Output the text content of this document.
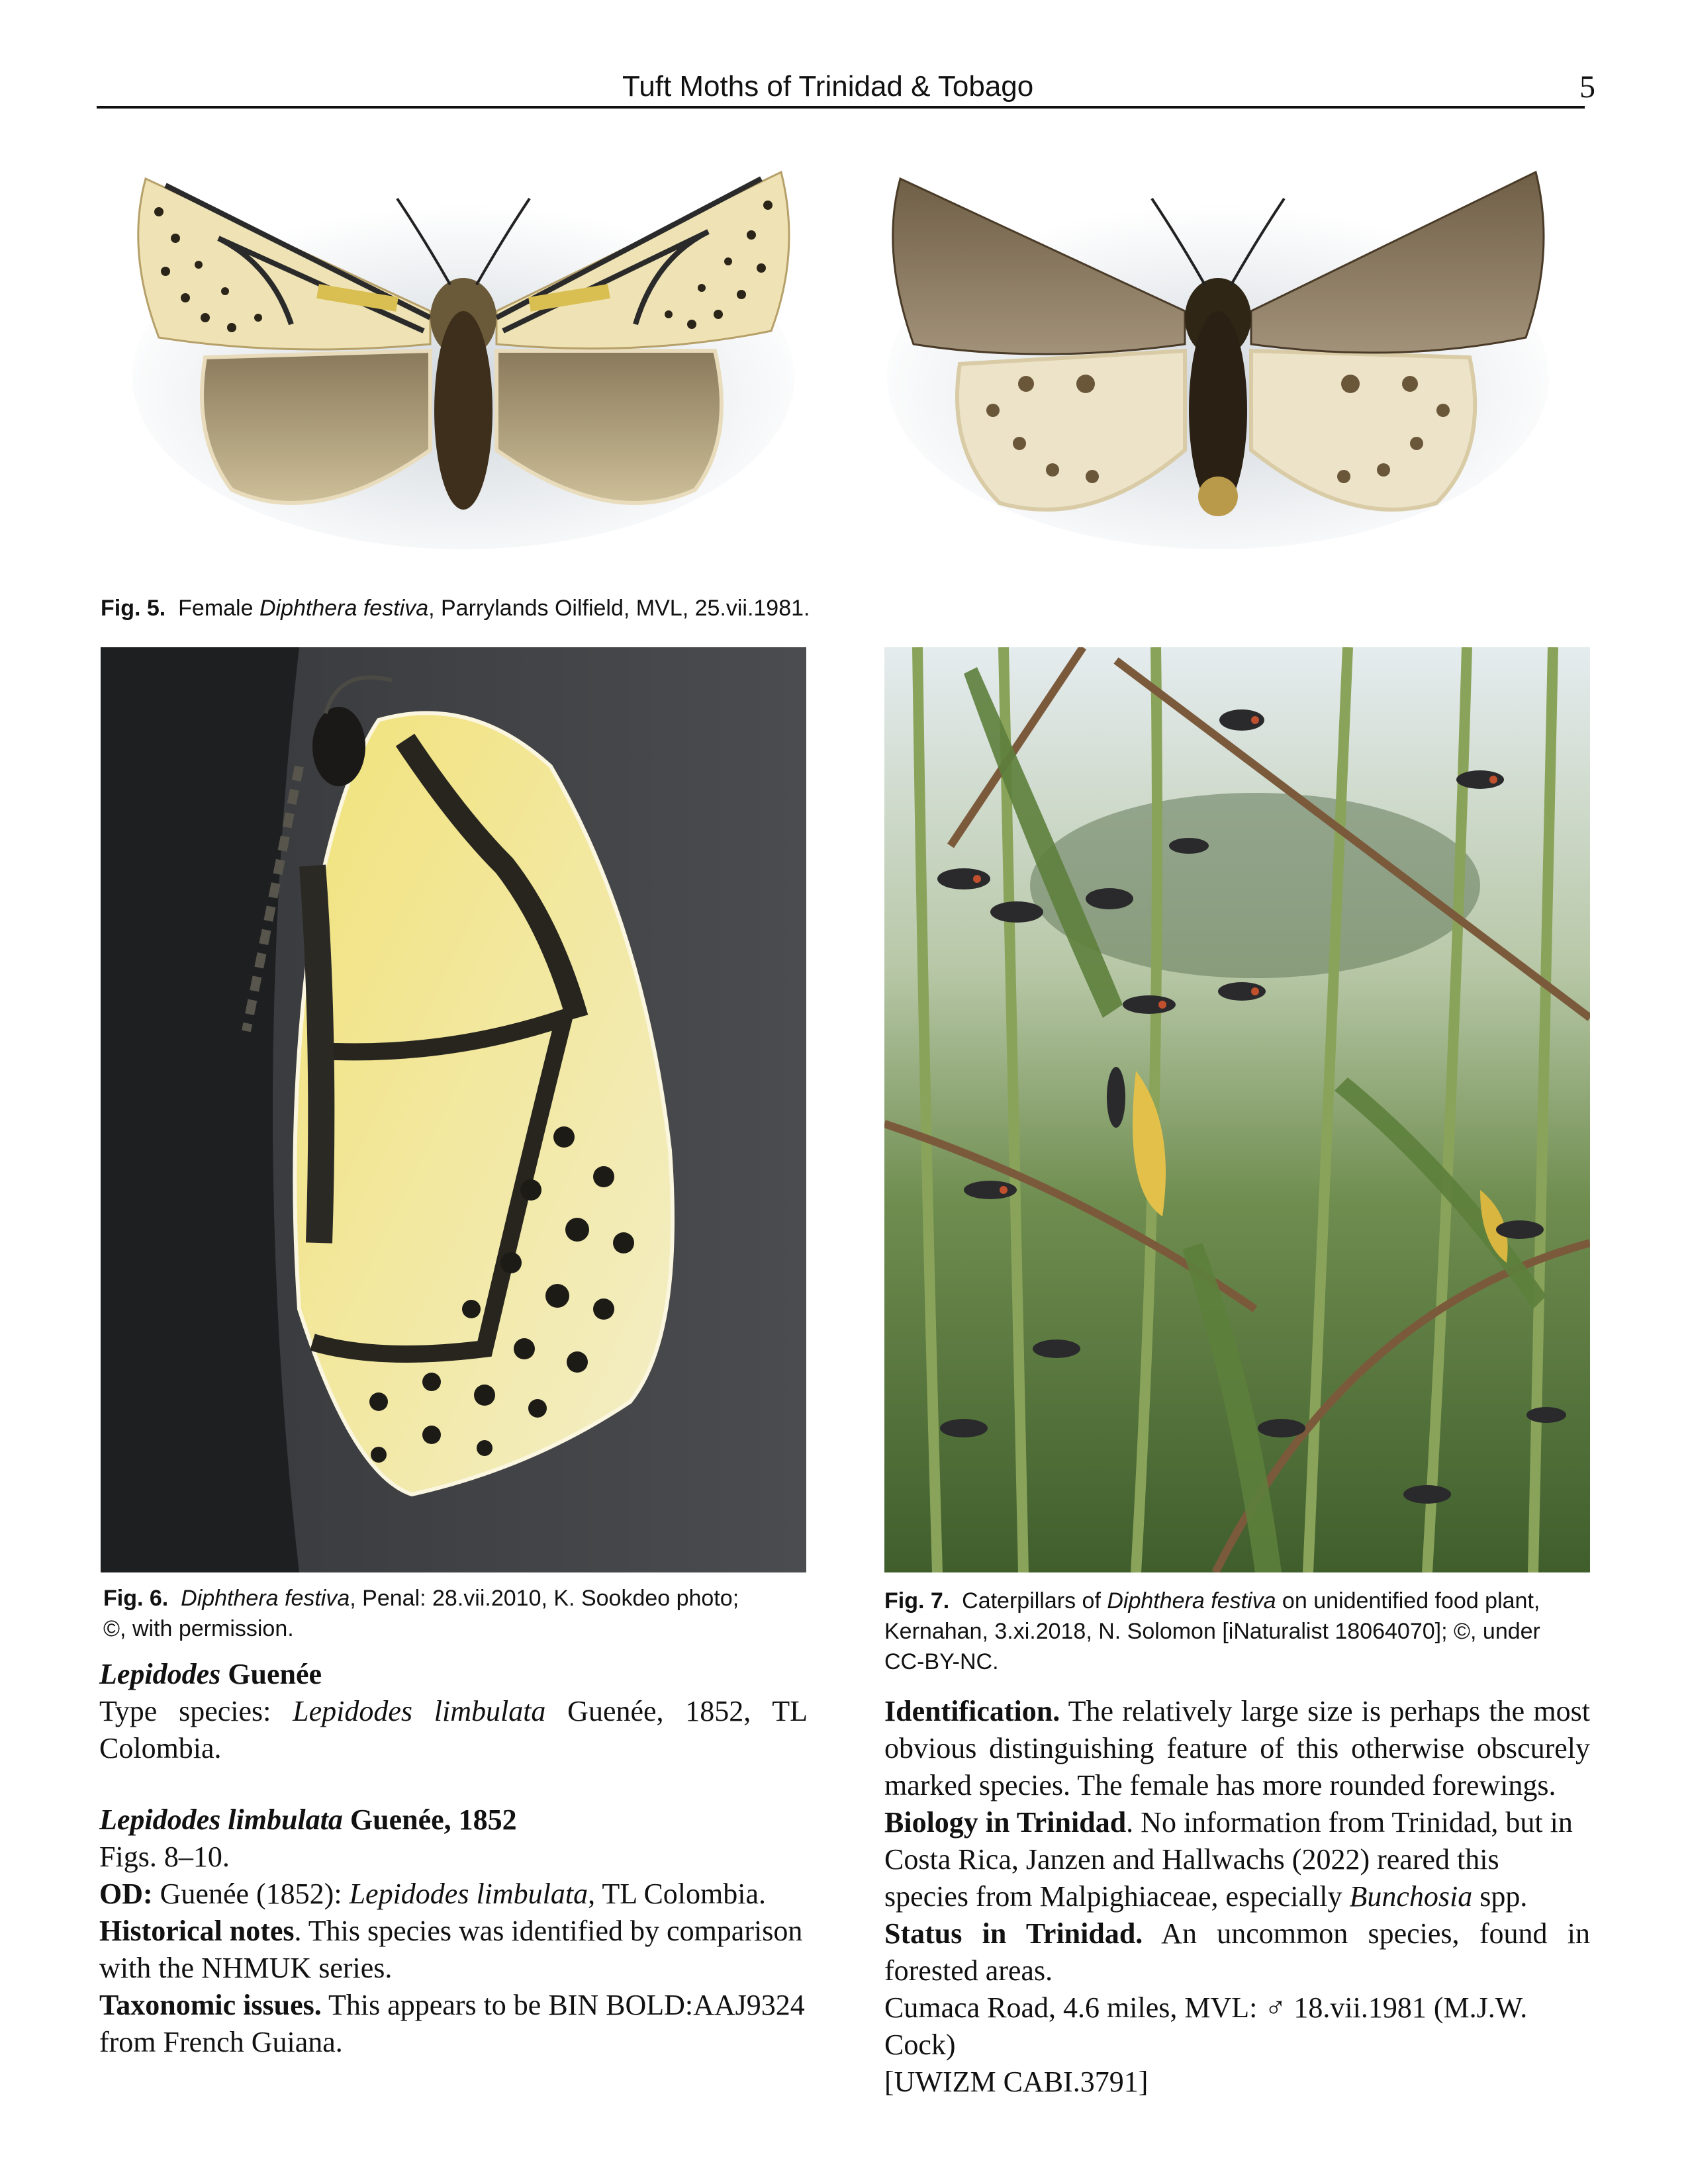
Tuft Moths of Trinidad & Tobago	5
Fig. 5. Female Diphthera festiva, Parrylands Oilfield, MVL, 25.vii.1981.
Fig. 6. Diphthera festiva, Penal: 28.vii.2010, K. Sookdeo photo;
©, with permission.
Fig. 7. Caterpillars of Diphthera festiva on unidentified food plant,
Kernahan, 3.xi.2018, N. Solomon [iNaturalist 18064070]; ©, under
CC-BY-NC.

Lepidodes Guenée

Type species: Lepidodes limbulata Guenée, 1852, TL Colombia.

Lepidodes limbulata Guenée, 1852

Figs. 8–10.

OD: Guenée (1852): Lepidodes limbulata, TL Colombia.

Historical notes. This species was identified by comparison with the NHMUK series.

Taxonomic issues. This appears to be BIN BOLD:AAJ9324 from French Guiana.

Identification. The relatively large size is perhaps the most obvious distinguishing feature of this otherwise obscurely marked species. The female has more rounded forewings.

Biology in Trinidad. No information from Trinidad, but in Costa Rica, Janzen and Hallwachs (2022) reared this species from Malpighiaceae, especially Bunchosia spp.

Status in Trinidad. An uncommon species, found in forested areas.

Cumaca Road, 4.6 miles, MVL: ♂ 18.vii.1981 (M.J.W. Cock)

[UWIZM CABI.3791]
